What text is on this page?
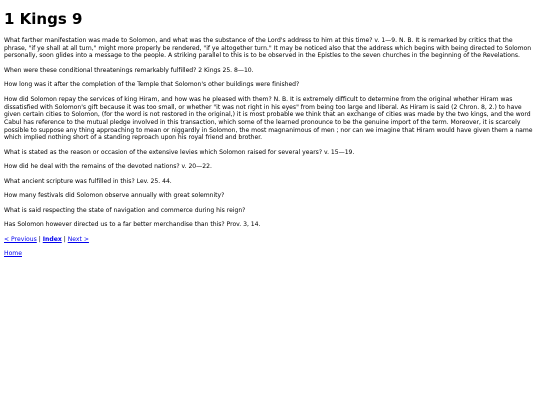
1 Kings 9

What farther manifestation was made to Solomon, and what was the substance of the Lord's address to him at this time? v. 1—9. N. B. It is remarked by critics that the phrase, "if ye shall at all turn," might more properly be rendered, "if ye altogether turn." It may be noticed also that the address which begins with being directed to Solomon personally, soon glides into a message to the people. A striking parallel to this is to be observed in the Epistles to the seven churches in the beginning of the Revelations.

When were these conditional threatenings remarkably fulfilled? 2 Kings 25. 8—10.

How long was it after the completion of the Temple that Solomon's other buildings were finished?

How did Solomon repay the services of king Hiram, and how was he pleased with them? N. B. It is extremely difficult to determine from the original whether Hiram was dissatisfied with Solomon's gift because it was too small, or whether "it was not right in his eyes" from being too large and liberal. As Hiram is said (2 Chron. 8, 2.) to have given certain cities to Solomon, (for the word is not restored in the original,) it is most probable we think that an exchange of cities was made by the two kings, and the word Cabul has reference to the mutual pledge involved in this transaction, which some of the learned pronounce to be the genuine import of the term. Moreover, it is scarcely possible to suppose any thing approaching to mean or niggardly in Solomon, the most magnanimous of men ; nor can we imagine that Hiram would have given them a name which implied nothing short of a standing reproach upon his royal friend and brother.

What is stated as the reason or occasion of the extensive levies which Solomon raised for several years? v. 15—19.

How did he deal with the remains of the devoted nations? v. 20—22.

What ancient scripture was fulfilled in this? Lev. 25. 44.

How many festivals did Solomon observe annually with great solemnity?

What is said respecting the state of navigation and commerce during his reign?

Has Solomon however directed us to a far better merchandise than this? Prov. 3, 14.

< Previous | Index | Next >
Home
